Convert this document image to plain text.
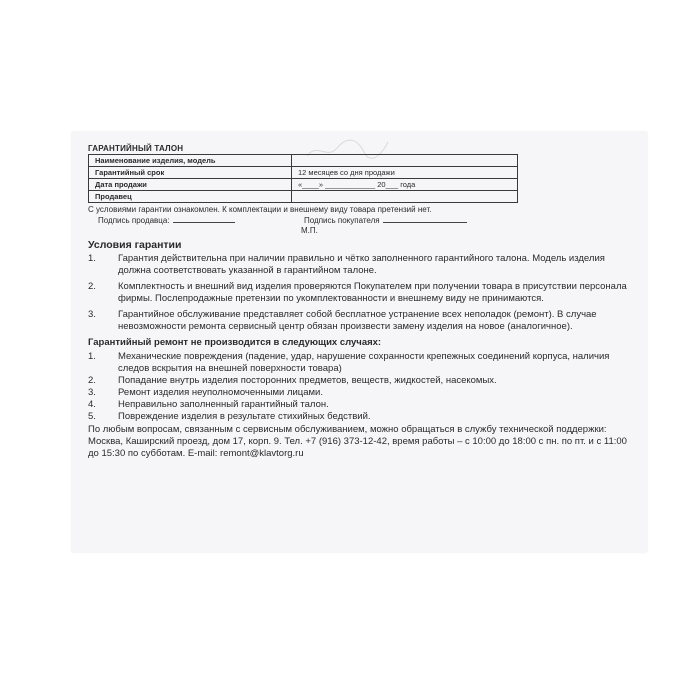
ГАРАНТИЙНЫЙ ТАЛОН
Наименование изделия, модель	
Гарантийный срок	12 месяцев со дня продажи
Дата продажи	«____» ____________ 20___ года
Продавец	
С условиями гарантии ознакомлен. К комплектации и внешнему виду товара претензий нет.
Подпись продавца:	Подпись покупателя
М.П.
Условия гарантии
1.	Гарантия действительна при наличии правильно и чётко заполненного гарантийного талона. Модель изделия должна соответствовать указанной в гарантийном талоне.
2.	Комплектность и внешний вид изделия проверяются Покупателем при получении товара в присутствии персонала фирмы. Послепродажные претензии по укомплектованности и внешнему виду не принимаются.
3.	Гарантийное обслуживание представляет собой бесплатное устранение всех неполадок (ремонт). В случае невозможности ремонта сервисный центр обязан произвести замену изделия на новое (аналогичное).
Гарантийный ремонт не производится в следующих случаях:
1.	Механические повреждения (падение, удар, нарушение сохранности крепежных соединений корпуса, наличия следов вскрытия на внешней поверхности товара)
2.	Попадание внутрь изделия посторонних предметов, веществ, жидкостей, насекомых.
3.	Ремонт изделия неуполномоченными лицами.
4.	Неправильно заполненный гарантийный талон.
5.	Повреждение изделия в результате стихийных бедствий.
По любым вопросам, связанным с сервисным обслуживанием, можно обращаться в службу технической поддержки: Москва, Каширский проезд, дом 17, корп. 9. Тел. +7 (916) 373-12-42, время работы – с 10:00 до 18:00 с пн. по пт. и с 11:00 до 15:30 по субботам. E-mail: remont@klavtorg.ru
